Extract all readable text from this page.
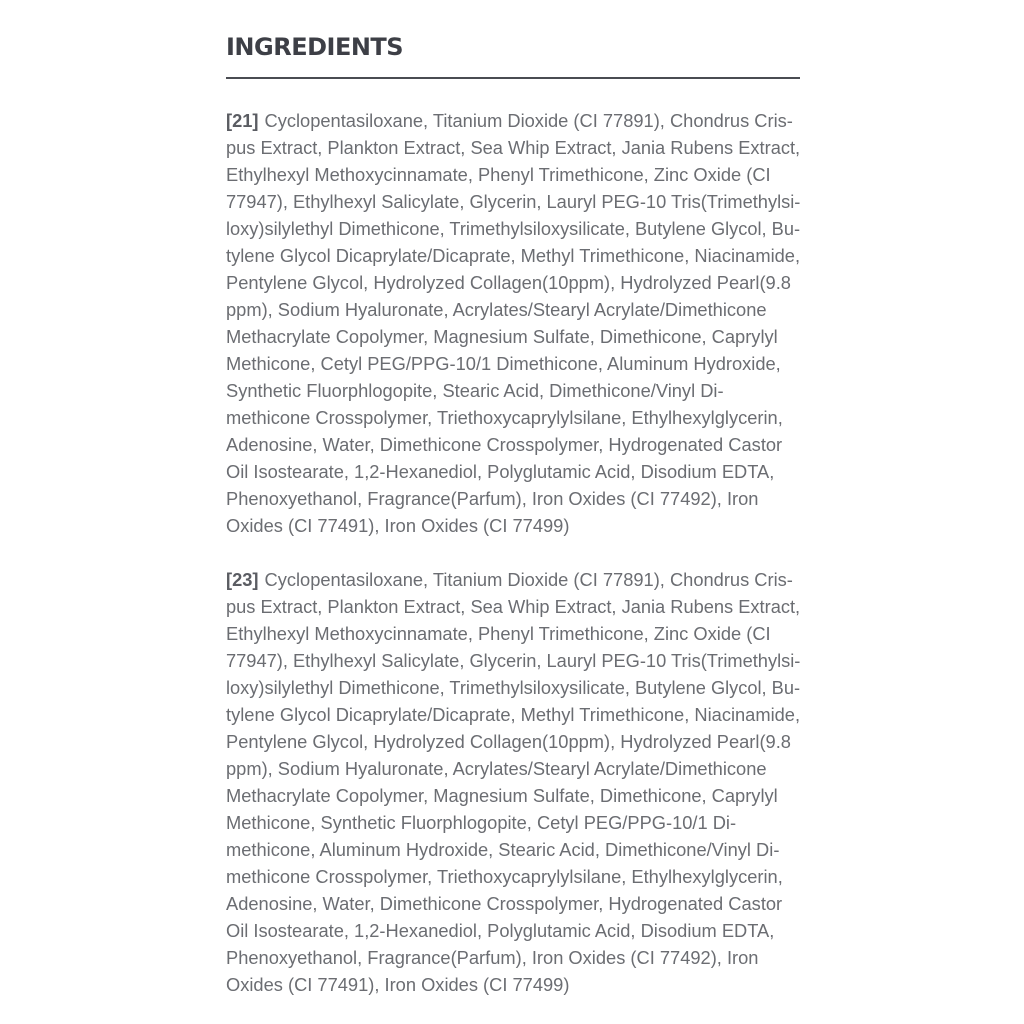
INGREDIENTS

[21] Cyclopentasiloxane, Titanium Dioxide (CI 77891), Chondrus Cris-
pus Extract, Plankton Extract, Sea Whip Extract, Jania Rubens Extract,
Ethylhexyl Methoxycinnamate, Phenyl Trimethicone, Zinc Oxide (CI
77947), Ethylhexyl Salicylate, Glycerin, Lauryl PEG-10 Tris(Trimethylsi-
loxy)silylethyl Dimethicone, Trimethylsiloxysilicate, Butylene Glycol, Bu-
tylene Glycol Dicaprylate/Dicaprate, Methyl Trimethicone, Niacinamide,
Pentylene Glycol, Hydrolyzed Collagen(10ppm), Hydrolyzed Pearl(9.8
ppm), Sodium Hyaluronate, Acrylates/Stearyl Acrylate/Dimethicone
Methacrylate Copolymer, Magnesium Sulfate, Dimethicone, Caprylyl
Methicone, Cetyl PEG/PPG-10/1 Dimethicone, Aluminum Hydroxide,
Synthetic Fluorphlogopite, Stearic Acid, Dimethicone/Vinyl Di-
methicone Crosspolymer, Triethoxycaprylylsilane, Ethylhexylglycerin,
Adenosine, Water, Dimethicone Crosspolymer, Hydrogenated Castor
Oil Isostearate, 1,2-Hexanediol, Polyglutamic Acid, Disodium EDTA,
Phenoxyethanol, Fragrance(Parfum), Iron Oxides (CI 77492), Iron
Oxides (CI 77491), Iron Oxides (CI 77499)

[23] Cyclopentasiloxane, Titanium Dioxide (CI 77891), Chondrus Cris-
pus Extract, Plankton Extract, Sea Whip Extract, Jania Rubens Extract,
Ethylhexyl Methoxycinnamate, Phenyl Trimethicone, Zinc Oxide (CI
77947), Ethylhexyl Salicylate, Glycerin, Lauryl PEG-10 Tris(Trimethylsi-
loxy)silylethyl Dimethicone, Trimethylsiloxysilicate, Butylene Glycol, Bu-
tylene Glycol Dicaprylate/Dicaprate, Methyl Trimethicone, Niacinamide,
Pentylene Glycol, Hydrolyzed Collagen(10ppm), Hydrolyzed Pearl(9.8
ppm), Sodium Hyaluronate, Acrylates/Stearyl Acrylate/Dimethicone
Methacrylate Copolymer, Magnesium Sulfate, Dimethicone, Caprylyl
Methicone, Synthetic Fluorphlogopite, Cetyl PEG/PPG-10/1 Di-
methicone, Aluminum Hydroxide, Stearic Acid, Dimethicone/Vinyl Di-
methicone Crosspolymer, Triethoxycaprylylsilane, Ethylhexylglycerin,
Adenosine, Water, Dimethicone Crosspolymer, Hydrogenated Castor
Oil Isostearate, 1,2-Hexanediol, Polyglutamic Acid, Disodium EDTA,
Phenoxyethanol, Fragrance(Parfum), Iron Oxides (CI 77492), Iron
Oxides (CI 77491), Iron Oxides (CI 77499)
